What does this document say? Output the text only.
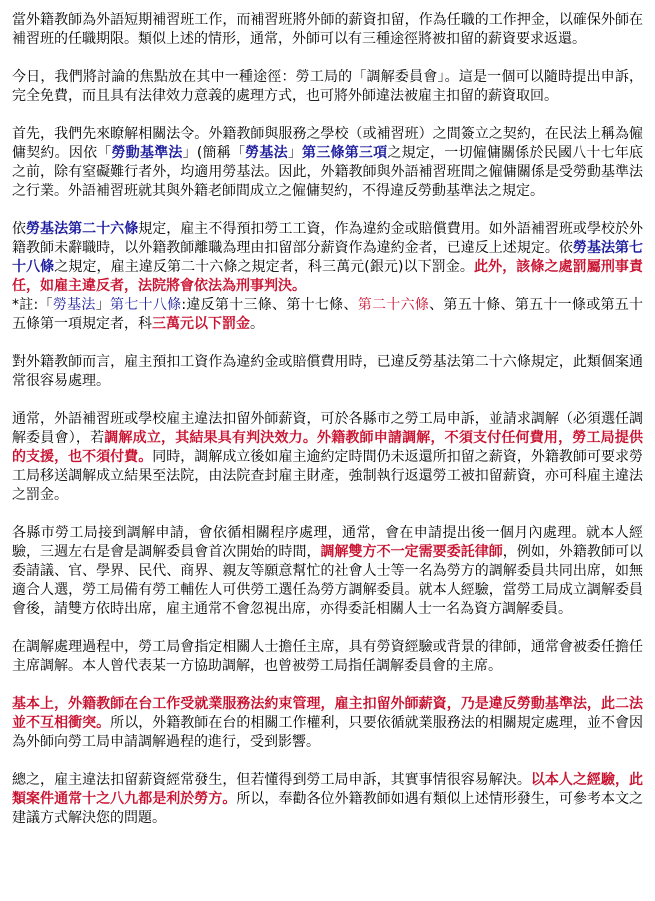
當外籍教師為外語短期補習班工作，而補習班將外師的薪資扣留，作為任職的工作押金，以確保外師在補習班的任職期限。類似上述的情形，通常，外師可以有三種途徑將被扣留的薪資要求返還。

今日，我們將討論的焦點放在其中一種途徑：勞工局的「調解委員會」。這是一個可以隨時提出申訴，完全免費，而且具有法律效力意義的處理方式，也可將外師違法被雇主扣留的薪資取回。

首先，我們先來瞭解相關法令。外籍教師與服務之學校（或補習班）之間簽立之契約，在民法上稱為僱傭契約。因依「勞動基準法」(簡稱「勞基法」第三條第三項之規定，一切僱傭關係於民國八十七年底之前，除有窒礙難行者外，均適用勞基法。因此，外籍教師與外語補習班間之僱傭關係是受勞動基準法之行業。外語補習班就其與外籍老師間成立之僱傭契約，不得違反勞動基準法之規定。

依勞基法第二十六條規定，雇主不得預扣勞工工資，作為違約金或賠償費用。如外語補習班或學校於外籍教師未辭職時，以外籍教師離職為理由扣留部分薪資作為違約金者，已違反上述規定。依勞基法第七十八條之規定，雇主違反第二十六條之規定者，科三萬元(銀元)以下罰金。此外，該條之處罰屬刑事責任，如雇主違反者，法院將會依法為刑事判決。

*註:「勞基法」第七十八條:違反第十三條、第十七條、第二十六條、第五十條、第五十一條或第五十五條第一項規定者，科三萬元以下罰金。

對外籍教師而言，雇主預扣工資作為違約金或賠償費用時，已違反勞基法第二十六條規定，此類個案通常很容易處理。

通常，外語補習班或學校雇主違法扣留外師薪資，可於各縣市之勞工局申訴，並請求調解（必須選任調解委員會），若調解成立，其結果具有判決效力。外籍教師申請調解，不須支付任何費用，勞工局提供的支援，也不須付費。同時，調解成立後如雇主逾約定時間仍未返還所扣留之薪資，外籍教師可要求勞工局移送調解成立結果至法院，由法院查封雇主財產，強制執行返還勞工被扣留薪資，亦可科雇主違法之罰金。

各縣市勞工局接到調解申請，會依循相關程序處理，通常，會在申請提出後一個月內處理。就本人經驗，三週左右是會是調解委員會首次開始的時間，調解雙方不一定需要委託律師，例如，外籍教師可以委請議、官、學界、民代、商界、親友等願意幫忙的社會人士等一名為勞方的調解委員共同出席，如無適合人選，勞工局備有勞工輔佐人可供勞工選任為勞方調解委員。就本人經驗，當勞工局成立調解委員會後，請雙方依時出席，雇主通常不會忽視出席，亦得委託相關人士一名為資方調解委員。

在調解處理過程中，勞工局會指定相關人士擔任主席，具有勞資經驗或背景的律師，通常會被委任擔任主席調解。本人曾代表某一方協助調解，也曾被勞工局指任調解委員會的主席。

基本上，外籍教師在台工作受就業服務法約束管理，雇主扣留外師薪資，乃是違反勞動基準法，此二法並不互相衝突。所以，外籍教師在台的相關工作權利，只要依循就業服務法的相關規定處理，並不會因為外師向勞工局申請調解過程的進行，受到影響。

總之，雇主違法扣留薪資經常發生，但若懂得到勞工局申訴，其實事情很容易解決。以本人之經驗，此類案件通常十之八九都是利於勞方。所以，奉勸各位外籍教師如遇有類似上述情形發生，可參考本文之建議方式解決您的問題。
